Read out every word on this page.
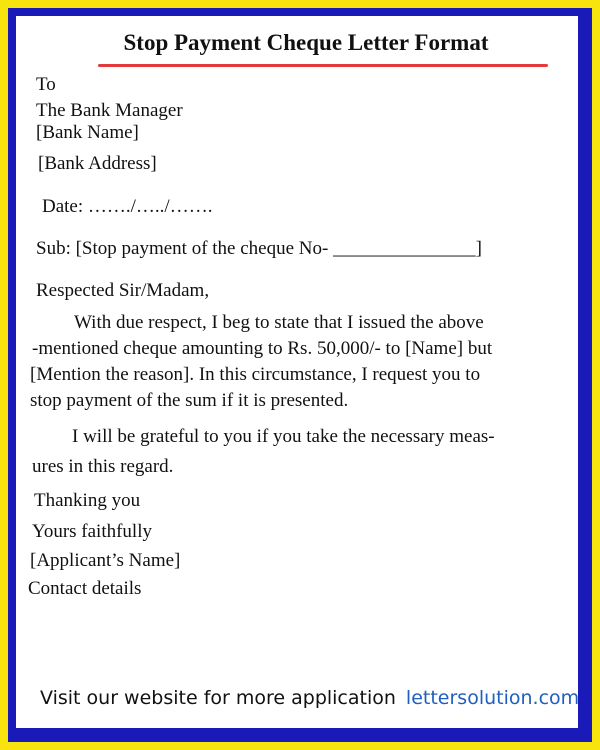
Stop Payment Cheque Letter Format
To
The Bank Manager
[Bank Name]
[Bank Address]
Date: ……./…../…….
Sub: [Stop payment of the cheque No- _______________]
Respected Sir/Madam,
With due respect, I beg to state that I issued the above
-mentioned cheque amounting to Rs. 50,000/- to [Name] but
[Mention the reason]. In this circumstance, I request you to
stop payment of the sum if it is presented.
I will be grateful to you if you take the necessary meas-
ures in this regard.
Thanking you
Yours faithfully
[Applicant’s Name]
Contact details
Visit our website for more application lettersolution.com
